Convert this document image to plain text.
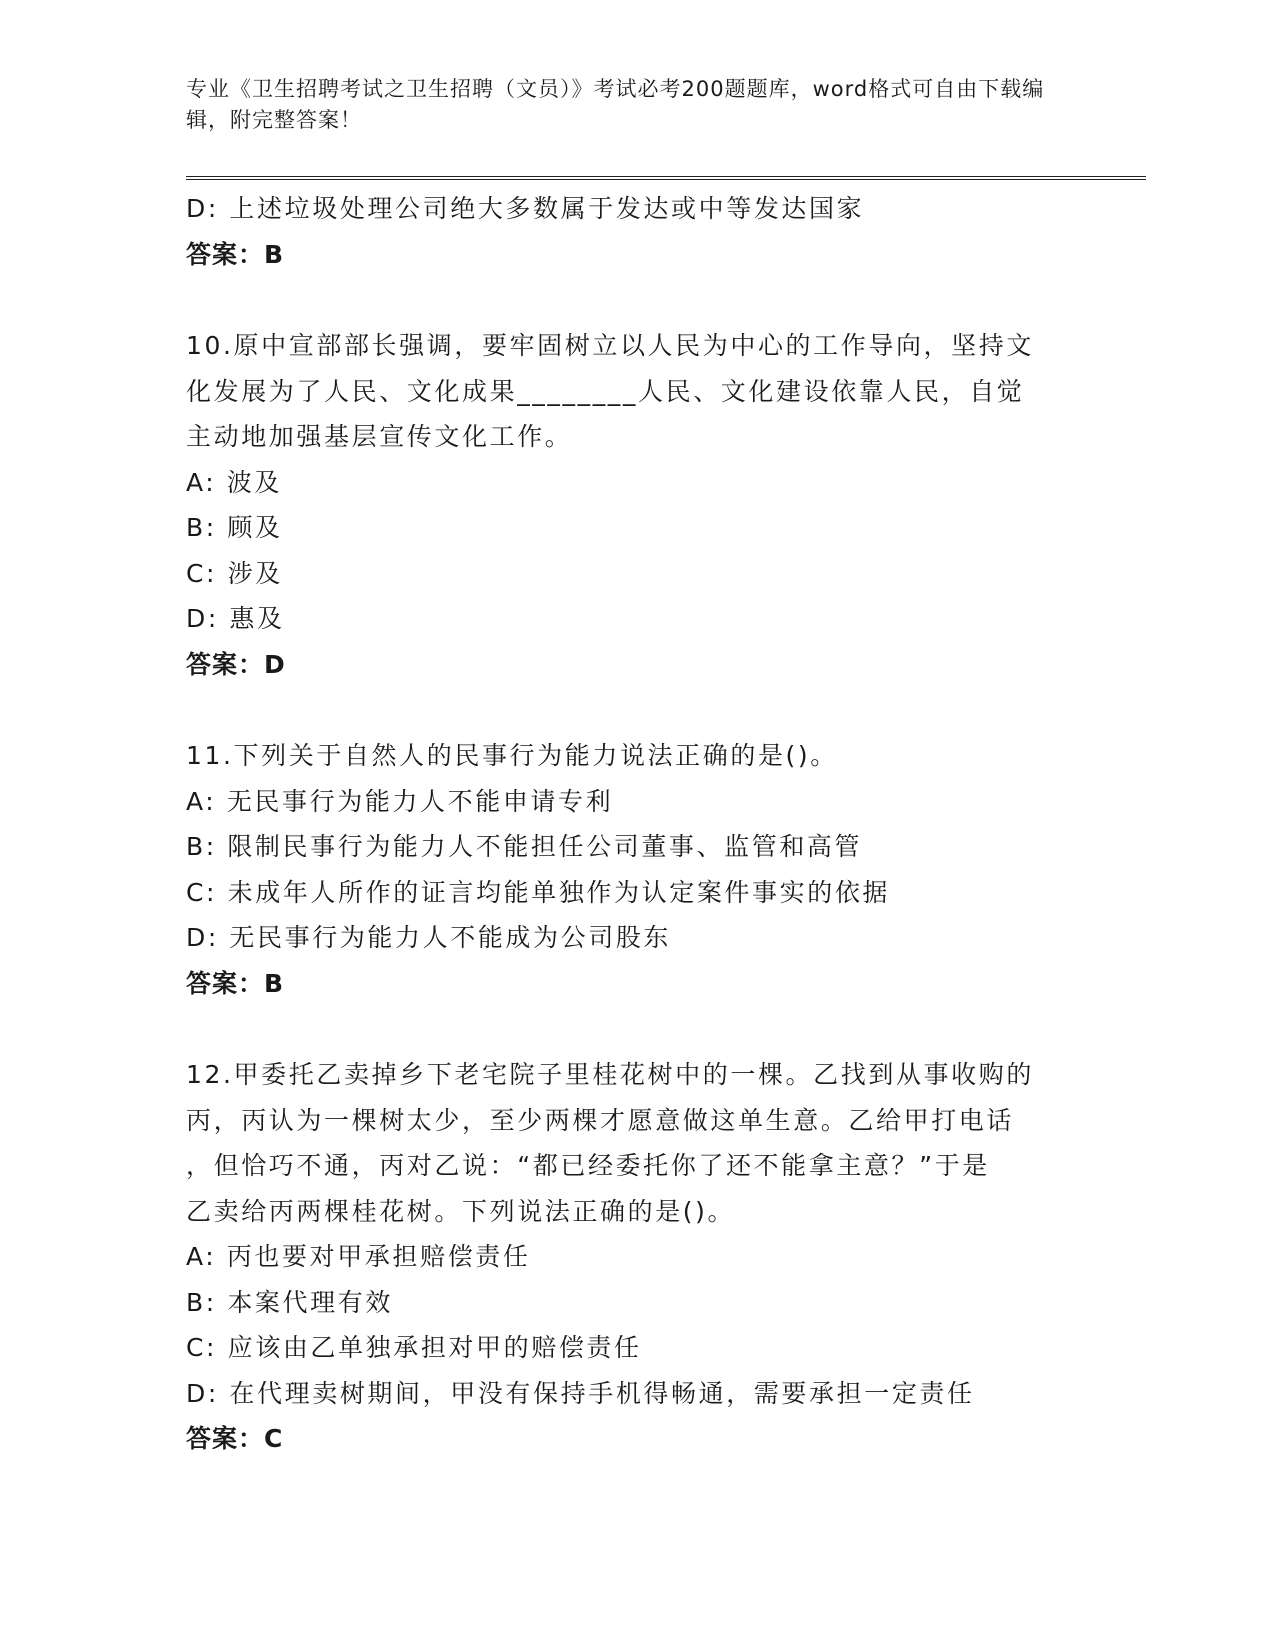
专业《卫生招聘考试之卫生招聘（文员）》考试必考200题题库，word格式可自由下载编辑，附完整答案！
D: 上述垃圾处理公司绝大多数属于发达或中等发达国家
答案：B
10.原中宣部部长强调，要牢固树立以人民为中心的工作导向，坚持文
化发展为了人民、文化成果________人民、文化建设依靠人民，自觉
主动地加强基层宣传文化工作。
A: 波及
B: 顾及
C: 涉及
D: 惠及
答案：D
11.下列关于自然人的民事行为能力说法正确的是()。
A: 无民事行为能力人不能申请专利
B: 限制民事行为能力人不能担任公司董事、监管和高管
C: 未成年人所作的证言均能单独作为认定案件事实的依据
D: 无民事行为能力人不能成为公司股东
答案：B
12.甲委托乙卖掉乡下老宅院子里桂花树中的一棵。乙找到从事收购的
丙，丙认为一棵树太少，至少两棵才愿意做这单生意。乙给甲打电话
，但恰巧不通，丙对乙说：“都已经委托你了还不能拿主意？”于是
乙卖给丙两棵桂花树。下列说法正确的是()。
A: 丙也要对甲承担赔偿责任
B: 本案代理有效
C: 应该由乙单独承担对甲的赔偿责任
D: 在代理卖树期间，甲没有保持手机得畅通，需要承担一定责任
答案：C
